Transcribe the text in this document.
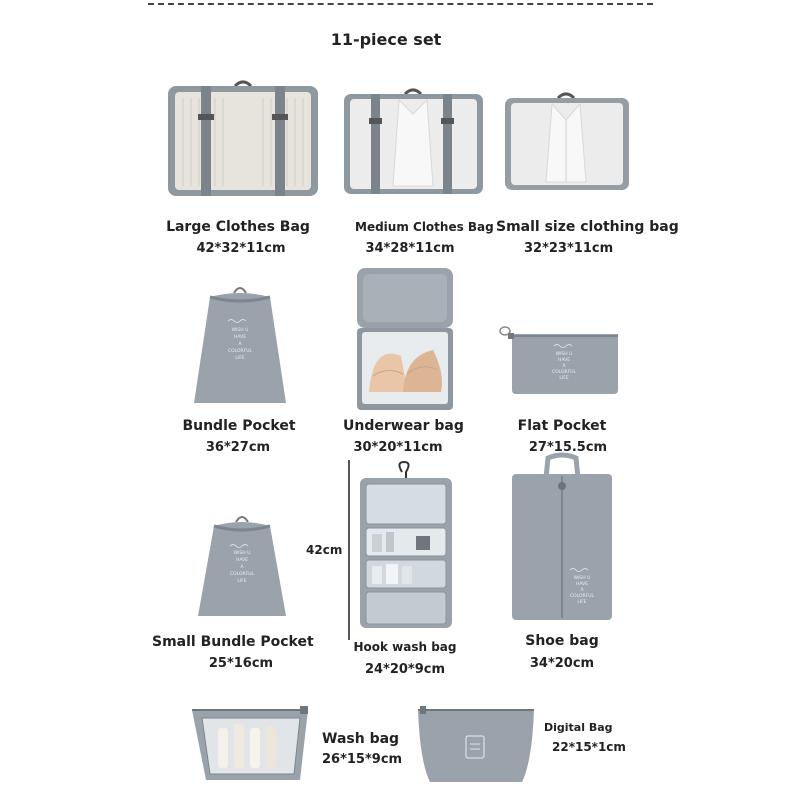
11-piece set
Large Clothes Bag
42*32*11cm
Medium Clothes Bag
34*28*11cm
Small size clothing bag
32*23*11cm
WISH U
HAVE
A
COLORFUL
LIFE
Bundle Pocket
36*27cm
Underwear bag
30*20*11cm
WISH U
HAVE
A
COLORFUL
LIFE
Flat Pocket
27*15.5cm
WISH U
HAVE
A
COLORFUL
LIFE
Small Bundle Pocket
25*16cm
42cm
Hook wash bag
24*20*9cm
WISH U
HAVE
A
COLORFUL
LIFE
Shoe bag
34*20cm
Wash bag
26*15*9cm
Digital Bag
22*15*1cm
